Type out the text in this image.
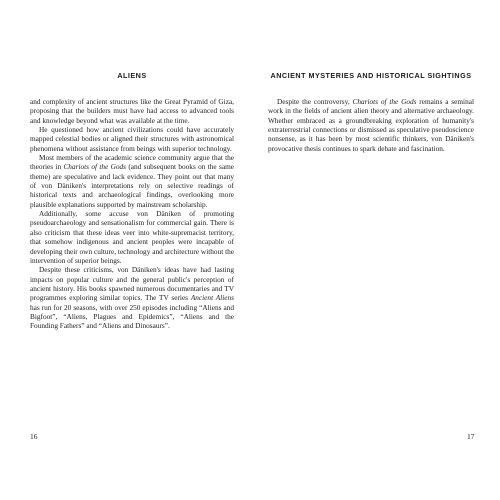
ALIENS

and complexity of ancient structures like the Great Pyramid of Giza, proposing that the builders must have had access to advanced tools and knowledge beyond what was available at the time.

He questioned how ancient civilizations could have accurately mapped celestial bodies or aligned their structures with astronomical phenomena without assistance from beings with superior technology.

Most members of the academic science community argue that the theories in Chariots of the Gods (and subsequent books on the same theme) are speculative and lack evidence. They point out that many of von Däniken's interpretations rely on selective readings of historical texts and archaeological findings, overlooking more plausible explanations supported by mainstream scholarship.

Additionally, some accuse von Däniken of promoting pseudoarchaeology and sensationalism for commercial gain. There is also criticism that these ideas veer into white-supremacist territory, that somehow indigenous and ancient peoples were incapable of developing their own culture, technology and architecture without the intervention of superior beings.

Despite these criticisms, von Däniken's ideas have had lasting impacts on popular culture and the general public's perception of ancient history. His books spawned numerous documentaries and TV programmes exploring similar topics. The TV series Ancient Aliens has run for 20 seasons, with over 250 episodes including “Aliens and Bigfoot”, “Aliens, Plagues and Epidemics”, “Aliens and the Founding Fathers” and “Aliens and Dinosaurs”.

16
ANCIENT MYSTERIES AND HISTORICAL SIGHTINGS

Despite the controversy, Chariots of the Gods remains a seminal work in the fields of ancient alien theory and alternative archaeology. Whether embraced as a groundbreaking exploration of humanity's extraterrestrial connections or dismissed as speculative pseudoscience nonsense, as it has been by most scientific thinkers, von Däniken's provocative thesis continues to spark debate and fascination.

17
